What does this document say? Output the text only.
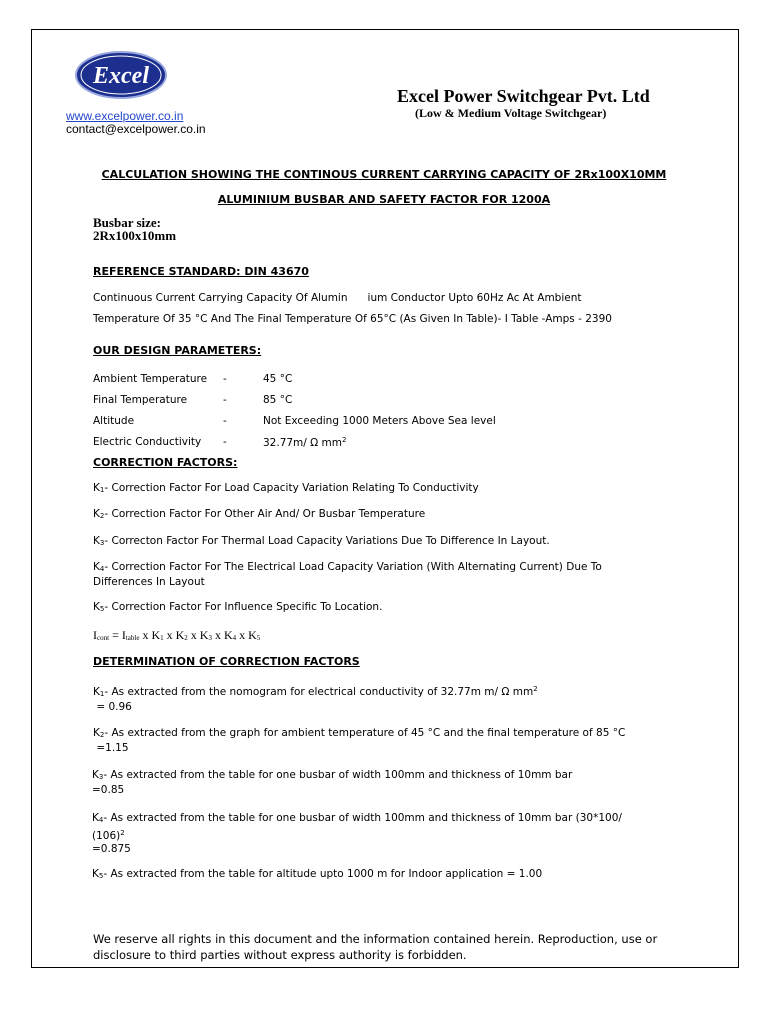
Excel
www.excelpower.co.in
contact@excelpower.co.in
Excel Power Switchgear Pvt. Ltd
(Low & Medium Voltage Switchgear)
CALCULATION SHOWING THE CONTINOUS CURRENT CARRYING CAPACITY OF 2Rx100X10MM
ALUMINIUM BUSBAR AND SAFETY FACTOR FOR 1200A
Busbar size:
2Rx100x10mm
REFERENCE STANDARD: DIN 43670
Continuous Current Carrying Capacity Of Alumin      ium Conductor Upto 60Hz Ac At Ambient
Temperature Of 35 °C And The Final Temperature Of 65°C (As Given In Table)- I Table -Amps - 2390
OUR DESIGN PARAMETERS:
Ambient Temperature -	45 °C
Final Temperature	-	85 °C
Altitude	-	Not Exceeding 1000 Meters Above Sea level
Electric Conductivity -	32.77m/ Ω $mm^2$
CORRECTION FACTORS:
K1- Correction Factor For Load Capacity Variation Relating To Conductivity
K2- Correction Factor For Other Air And/ Or Busbar Temperature
K3- Correcton Factor For Thermal Load Capacity Variations Due To Difference In Layout.
K4- Correction Factor For The Electrical Load Capacity Variation (With Alternating Current) Due To Differences In Layout
K5- Correction Factor For Influence Specific To Location.
Icont = Itable x K1 x K2 x K3 x K4 x K5
DETERMINATION OF CORRECTION FACTORS
K1- As extracted from the nomogram for electrical conductivity of 32.77m m/ Ω $mm^2$
= 0.96
K2- As extracted from the graph for ambient temperature of 45 °C and the final temperature of 85 °C
=1.15
K3- As extracted from the table for one busbar of width 100mm and thickness of 10mm bar
=0.85
K4- As extracted from the table for one busbar of width 100mm and thickness of 10mm bar (30*100/ $(106)^2$
=0.875
K5- As extracted from the table for altitude upto 1000 m for Indoor application = 1.00
We reserve all rights in this document and the information contained herein. Reproduction, use or disclosure to third parties without express authority is forbidden.
